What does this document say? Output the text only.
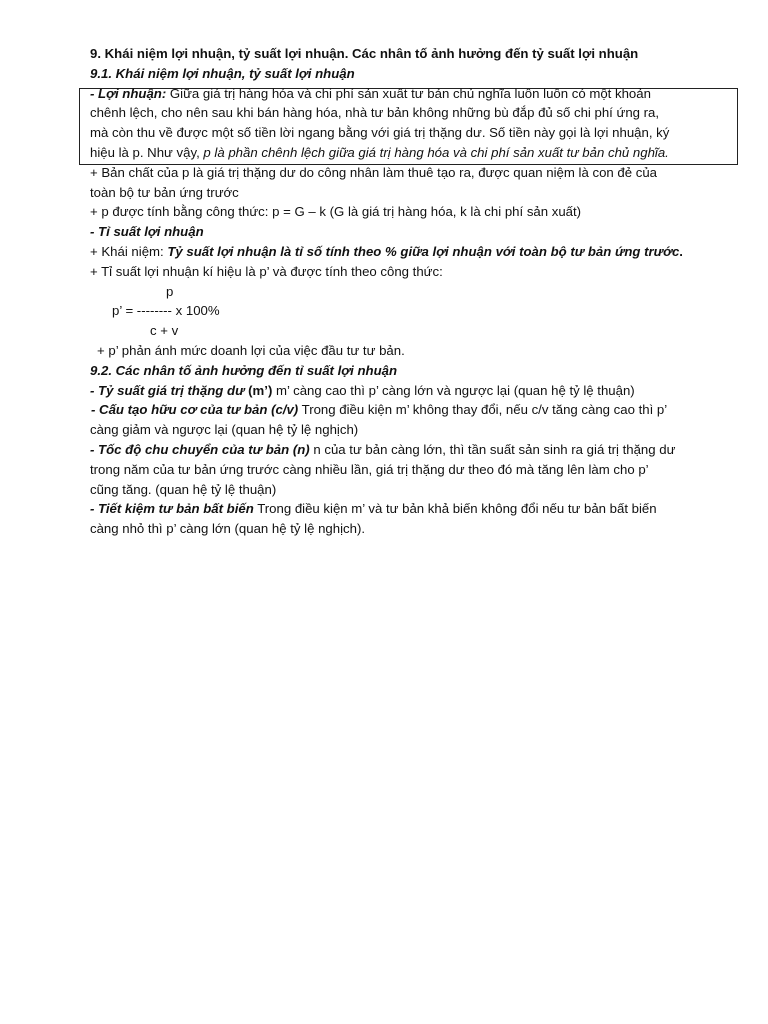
9. Khái niệm lợi nhuận, tỷ suất lợi nhuận. Các nhân tố ảnh hưởng đến tỷ suất lợi nhuận
9.1. Khái niệm lợi nhuận, tỷ suất lợi nhuận
- Lợi nhuận: Giữa giá trị hàng hóa và chi phí sản xuất tư bản chủ nghĩa luôn luôn có một khoản
chênh lệch, cho nên sau khi bán hàng hóa, nhà tư bản không những bù đắp đủ số chi phí ứng ra,
mà còn thu về được một số tiền lời ngang bằng với giá trị thặng dư. Số tiền này gọi là lợi nhuận, ký
hiệu là p. Như vậy, p là phần chênh lệch giữa giá trị hàng hóa và chi phí sản xuất tư bản chủ nghĩa.
+ Bản chất của p là giá trị thặng dư do công nhân làm thuê tạo ra, được quan niệm là con đẻ của
toàn bộ tư bản ứng trước
+ p được tính bằng công thức: p = G – k (G là giá trị hàng hóa, k là chi phí sản xuất)
- Tỉ suất lợi nhuận
+ Khái niệm: Tỷ suất lợi nhuận là tỉ số tính theo % giữa lợi nhuận với toàn bộ tư bản ứng trước.
+ Tỉ suất lợi nhuận kí hiệu là p’ và được tính theo công thức:
p
p’ = -------- x 100%
c + v
+ p’ phản ánh mức doanh lợi của việc đầu tư tư bản.
9.2. Các nhân tố ảnh hưởng đến tỉ suất lợi nhuận
- Tỷ suất giá trị thặng dư (m’) m’ càng cao thì p’ càng lớn và ngược lại (quan hệ tỷ lệ thuận)
- Cấu tạo hữu cơ của tư bản (c/v) Trong điều kiện m’ không thay đổi, nếu c/v tăng càng cao thì p’
càng giảm và ngược lại (quan hệ tỷ lệ nghịch)
- Tốc độ chu chuyển của tư bản (n) n của tư bản càng lớn, thì tần suất sản sinh ra giá trị thặng dư
trong năm của tư bản ứng trước càng nhiều lần, giá trị thặng dư theo đó mà tăng lên làm cho p’
cũng tăng. (quan hệ tỷ lệ thuận)
- Tiết kiệm tư bản bất biến Trong điều kiện m’ và tư bản khả biến không đổi nếu tư bản bất biến
càng nhỏ thì p’ càng lớn (quan hệ tỷ lệ nghịch).
